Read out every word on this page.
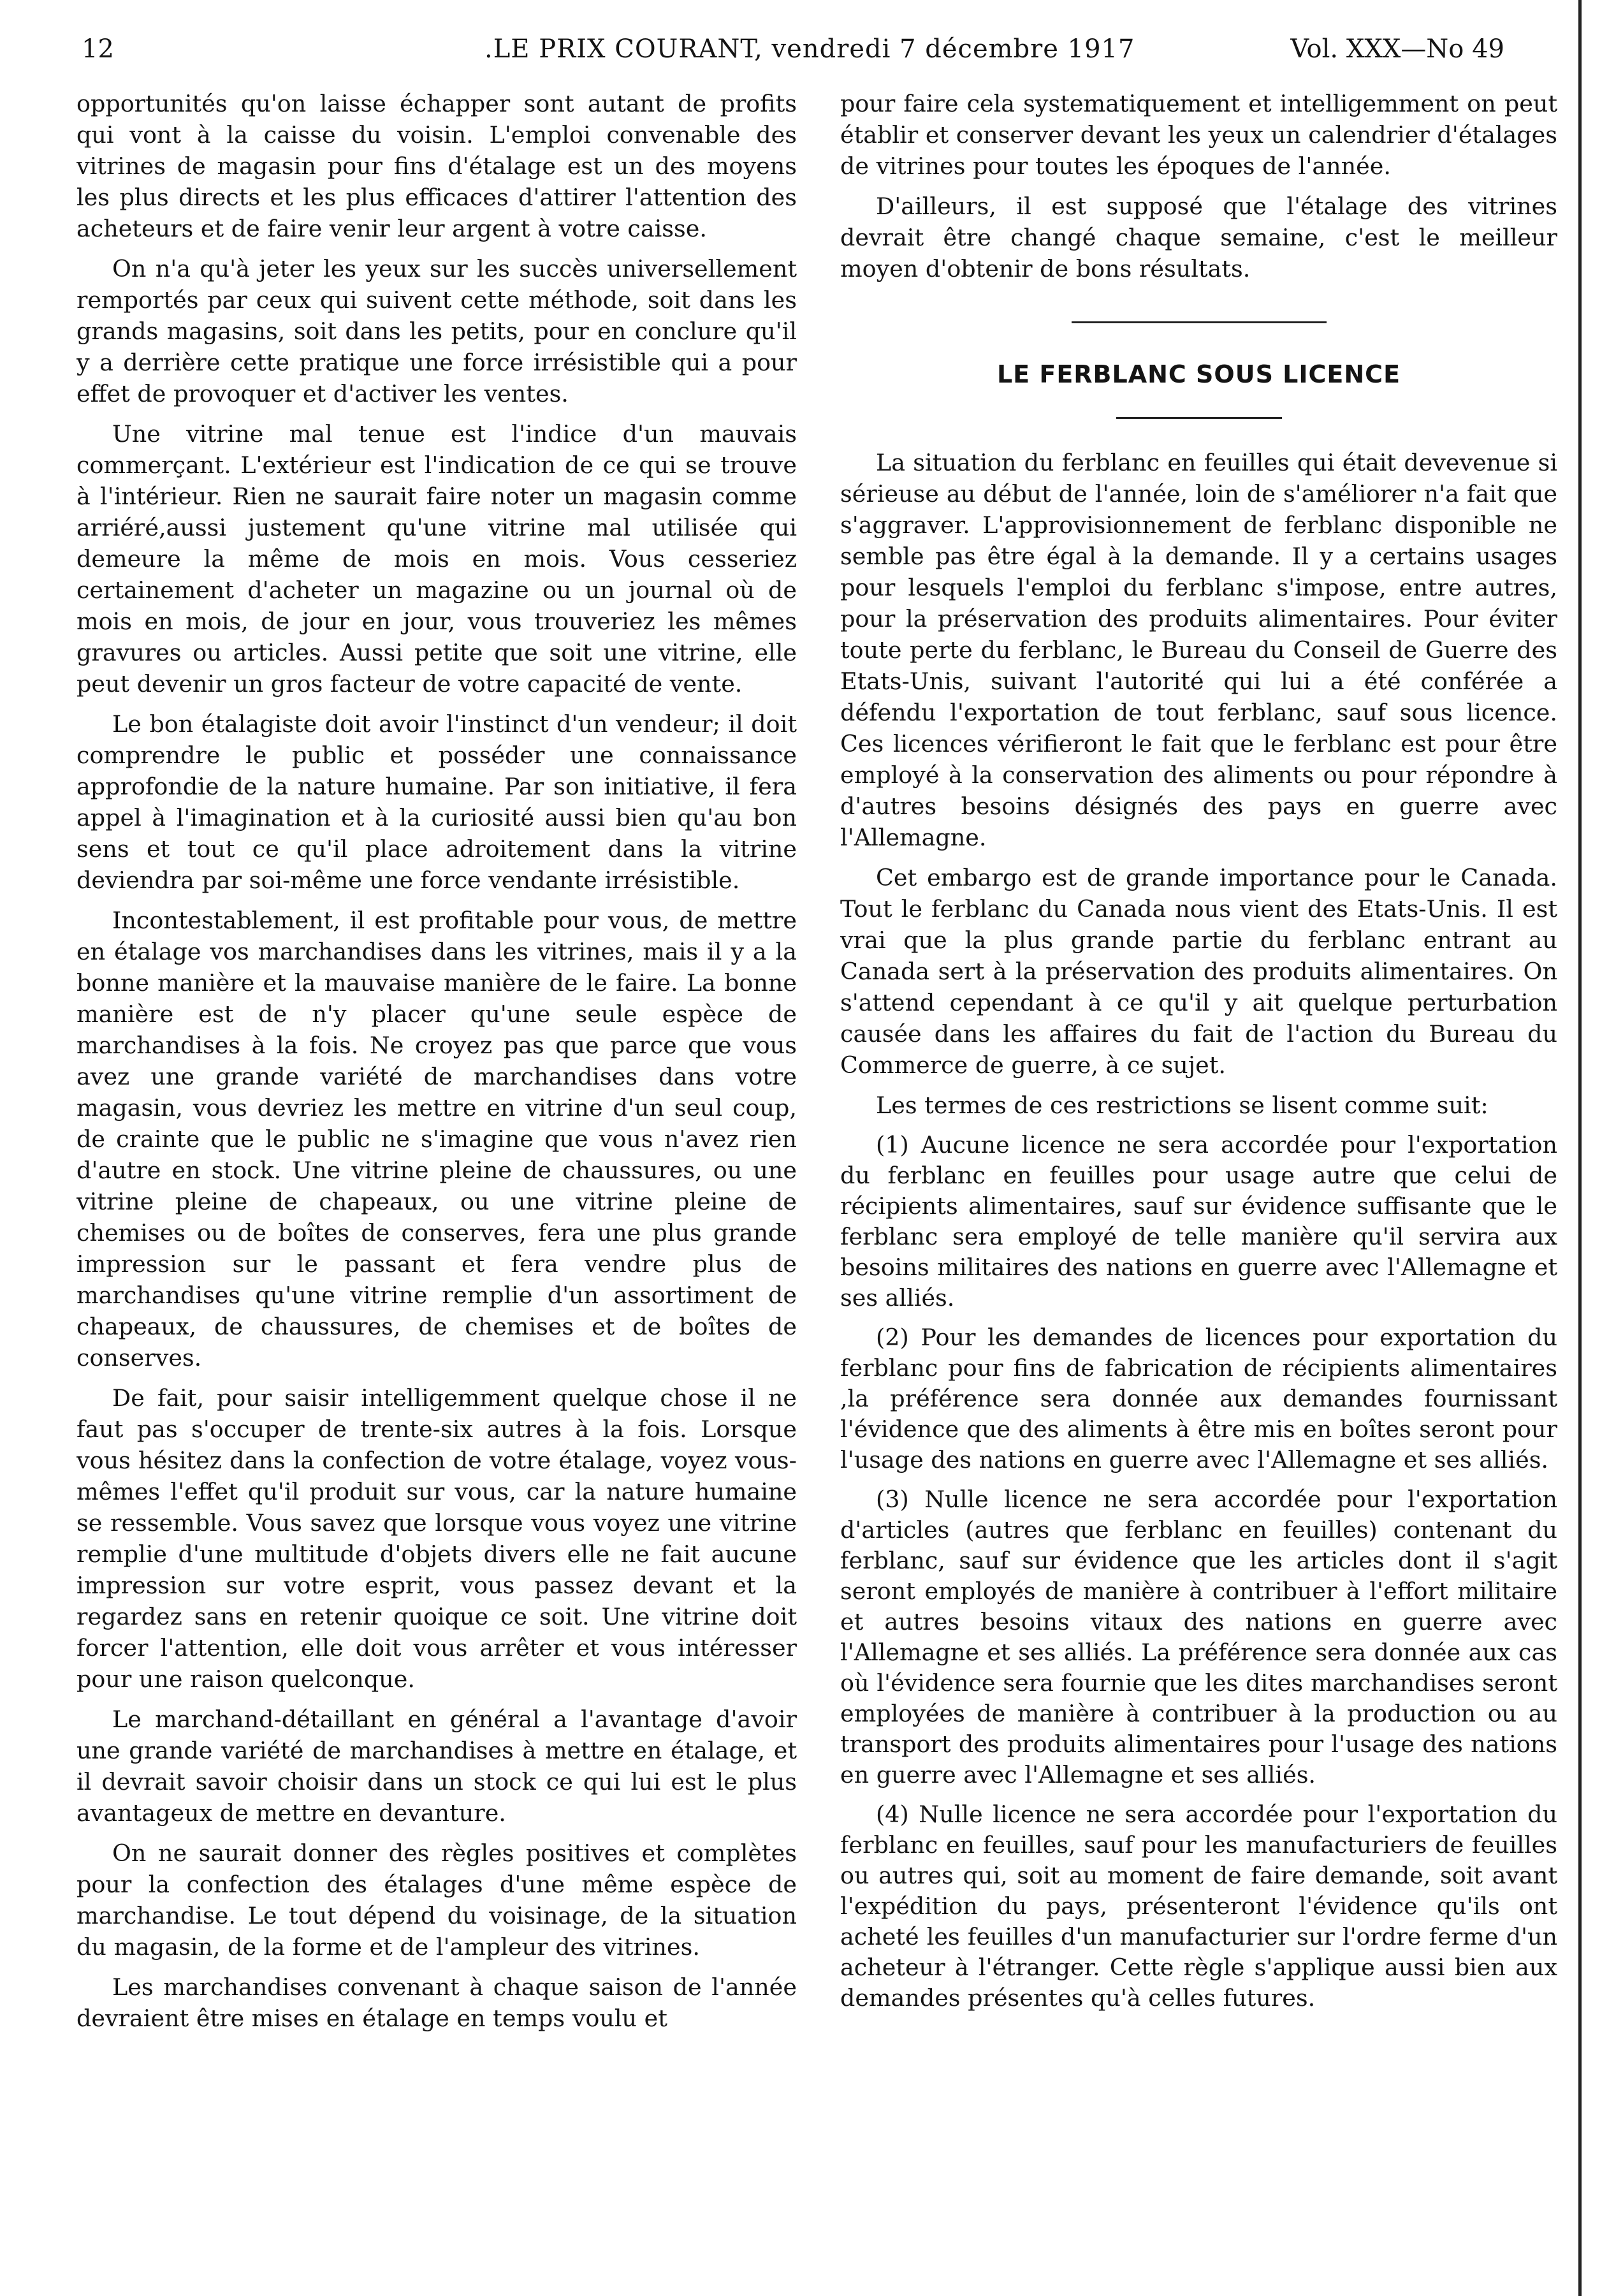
12	.LE PRIX COURANT, vendredi 7 décembre 1917	Vol. XXX—No 49

opportunités qu'on laisse échapper sont autant de profits qui vont à la caisse du voisin. L'emploi convenable des vitrines de magasin pour fins d'étalage est un des moyens les plus directs et les plus efficaces d'attirer l'attention des acheteurs et de faire venir leur argent à votre caisse.

On n'a qu'à jeter les yeux sur les succès universellement remportés par ceux qui suivent cette méthode, soit dans les grands magasins, soit dans les petits, pour en conclure qu'il y a derrière cette pratique une force irrésistible qui a pour effet de provoquer et d'activer les ventes.

Une vitrine mal tenue est l'indice d'un mauvais commerçant. L'extérieur est l'indication de ce qui se trouve à l'intérieur. Rien ne saurait faire noter un magasin comme arriéré,aussi justement qu'une vitrine mal utilisée qui demeure la même de mois en mois. Vous cesseriez certainement d'acheter un magazine ou un journal où de mois en mois, de jour en jour, vous trouveriez les mêmes gravures ou articles. Aussi petite que soit une vitrine, elle peut devenir un gros facteur de votre capacité de vente.

Le bon étalagiste doit avoir l'instinct d'un vendeur; il doit comprendre le public et posséder une connaissance approfondie de la nature humaine. Par son initiative, il fera appel à l'imagination et à la curiosité aussi bien qu'au bon sens et tout ce qu'il place adroitement dans la vitrine deviendra par soi-même une force vendante irrésistible.

Incontestablement, il est profitable pour vous, de mettre en étalage vos marchandises dans les vitrines, mais il y a la bonne manière et la mauvaise manière de le faire. La bonne manière est de n'y placer qu'une seule espèce de marchandises à la fois. Ne croyez pas que parce que vous avez une grande variété de marchandises dans votre magasin, vous devriez les mettre en vitrine d'un seul coup, de crainte que le public ne s'imagine que vous n'avez rien d'autre en stock. Une vitrine pleine de chaussures, ou une vitrine pleine de chapeaux, ou une vitrine pleine de chemises ou de boîtes de conserves, fera une plus grande impression sur le passant et fera vendre plus de marchandises qu'une vitrine remplie d'un assortiment de chapeaux, de chaussures, de chemises et de boîtes de conserves.

De fait, pour saisir intelligemment quelque chose il ne faut pas s'occuper de trente-six autres à la fois. Lorsque vous hésitez dans la confection de votre étalage, voyez vous-mêmes l'effet qu'il produit sur vous, car la nature humaine se ressemble. Vous savez que lorsque vous voyez une vitrine remplie d'une multitude d'objets divers elle ne fait aucune impression sur votre esprit, vous passez devant et la regardez sans en retenir quoique ce soit. Une vitrine doit forcer l'attention, elle doit vous arrêter et vous intéresser pour une raison quelconque.

Le marchand-détaillant en général a l'avantage d'avoir une grande variété de marchandises à mettre en étalage, et il devrait savoir choisir dans un stock ce qui lui est le plus avantageux de mettre en devanture.

On ne saurait donner des règles positives et complètes pour la confection des étalages d'une même espèce de marchandise. Le tout dépend du voisinage, de la situation du magasin, de la forme et de l'ampleur des vitrines.

Les marchandises convenant à chaque saison de l'année devraient être mises en étalage en temps voulu et

pour faire cela systematiquement et intelligemment on peut établir et conserver devant les yeux un calendrier d'étalages de vitrines pour toutes les époques de l'année.

D'ailleurs, il est supposé que l'étalage des vitrines devrait être changé chaque semaine, c'est le meilleur moyen d'obtenir de bons résultats.

LE FERBLANC SOUS LICENCE

La situation du ferblanc en feuilles qui était devevenue si sérieuse au début de l'année, loin de s'améliorer n'a fait que s'aggraver. L'approvisionnement de ferblanc disponible ne semble pas être égal à la demande. Il y a certains usages pour lesquels l'emploi du ferblanc s'impose, entre autres, pour la préservation des produits alimentaires. Pour éviter toute perte du ferblanc, le Bureau du Conseil de Guerre des Etats-Unis, suivant l'autorité qui lui a été conférée a défendu l'exportation de tout ferblanc, sauf sous licence. Ces licences vérifieront le fait que le ferblanc est pour être employé à la conservation des aliments ou pour répondre à d'autres besoins désignés des pays en guerre avec l'Allemagne.

Cet embargo est de grande importance pour le Canada. Tout le ferblanc du Canada nous vient des Etats-Unis. Il est vrai que la plus grande partie du ferblanc entrant au Canada sert à la préservation des produits alimentaires. On s'attend cependant à ce qu'il y ait quelque perturbation causée dans les affaires du fait de l'action du Bureau du Commerce de guerre, à ce sujet.

Les termes de ces restrictions se lisent comme suit:

(1) Aucune licence ne sera accordée pour l'exportation du ferblanc en feuilles pour usage autre que celui de récipients alimentaires, sauf sur évidence suffisante que le ferblanc sera employé de telle manière qu'il servira aux besoins militaires des nations en guerre avec l'Allemagne et ses alliés.

(2) Pour les demandes de licences pour exportation du ferblanc pour fins de fabrication de récipients alimentaires ,la préférence sera donnée aux demandes fournissant l'évidence que des aliments à être mis en boîtes seront pour l'usage des nations en guerre avec l'Allemagne et ses alliés.

(3) Nulle licence ne sera accordée pour l'exportation d'articles (autres que ferblanc en feuilles) contenant du ferblanc, sauf sur évidence que les articles dont il s'agit seront employés de manière à contribuer à l'effort militaire et autres besoins vitaux des nations en guerre avec l'Allemagne et ses alliés. La préférence sera donnée aux cas où l'évidence sera fournie que les dites marchandises seront employées de manière à contribuer à la production ou au transport des produits alimentaires pour l'usage des nations en guerre avec l'Allemagne et ses alliés.

(4) Nulle licence ne sera accordée pour l'exportation du ferblanc en feuilles, sauf pour les manufacturiers de feuilles ou autres qui, soit au moment de faire demande, soit avant l'expédition du pays, présenteront l'évidence qu'ils ont acheté les feuilles d'un manufacturier sur l'ordre ferme d'un acheteur à l'étranger. Cette règle s'applique aussi bien aux demandes présentes qu'à celles futures.
